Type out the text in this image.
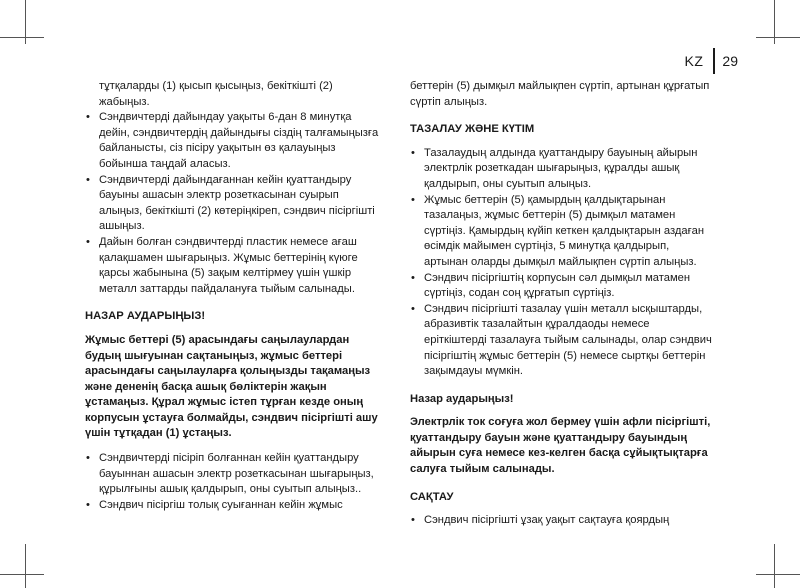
KZ 29

тұтқаларды (1) қысып қысыңыз, бекіткішті (2) жабыңыз.

• Сэндвичтерді дайындау уақыты 6-дан 8 минутқа дейін, сэндвичтердің дайындығы сіздің талғамыңызға байланысты, сіз пісіру уақытын өз қалауыңыз бойынша таңдай аласыз.
• Сэндвичтерді дайындағаннан кейін қуаттандыру бауыны ашасын электр розеткасынан суырып алыңыз, бекіткішті (2) көтеріңкіреп, сэндвич пісіргішті ашыңыз.
• Дайын болған сэндвичтерді пластик немесе ағаш қалақшамен шығарыңыз. Жұмыс беттерінің күюге қарсы жабынына (5) зақым келтірмеу үшін үшкір металл заттарды пайдалануға тыйым салынады.

НАЗАР АУДАРЫҢЫЗ!

Жұмыс беттері (5) арасындағы саңылаулардан будың шығуынан сақтаныңыз, жұмыс беттері арасындағы саңылауларға қолыңызды тақамаңыз және дененің басқа ашық бөліктерін жақын ұстамаңыз. Құрал жұмыс істеп тұрған кезде оның корпусын ұстауға болмайды, сэндвич пісіргішті ашу үшін тұтқадан (1) ұстаңыз.

• Сэндвичтерді пісіріп болғаннан кейін қуаттандыру бауыннан ашасын электр розеткасынан шығарыңыз, құрылғыны ашық қалдырып, оны суытып алыңыз..
• Сэндвич пісіргіш толық суығаннан кейін жұмыс

беттерін (5) дымқыл майлықпен сүртіп, артынан құрғатып сүртіп алыңыз.

ТАЗАЛАУ ЖӘНЕ КҮТІМ

• Тазалаудың алдында қуаттандыру бауының айырын электрлік розеткадан шығарыңыз, құралды ашық қалдырып, оны суытып алыңыз.
• Жұмыс беттерін (5) қамырдың қалдықтарынан тазалаңыз, жұмыс беттерін (5) дымқыл матамен сүртіңіз. Қамырдың күйіп кеткен қалдықтарын аздаған өсімдік майымен сүртіңіз, 5 минутқа қалдырып, артынан оларды дымқыл майлықпен сүртіп алыңыз.
• Сэндвич пісіргіштің корпусын сәл дымқыл матамен сүртіңіз, содан соң құрғатып сүртіңіз.
• Сэндвич пісіргішті тазалау үшін металл ысқыштарды, абразивтік тазалайтын құралдаоды немесе еріткіштерді тазалауға тыйым салынады, олар сэндвич пісіргіштің жұмыс беттерін (5) немесе сыртқы беттерін зақымдауы мүмкін.

Назар аударыңыз!

Электрлік ток соғуға жол бермеу үшін афли пісіргішті, қуаттандыру бауын және қуаттандыру бауындың айырын суға немесе кез-келген басқа сұйықтықтарға салуға тыйым салынады.

САҚТАУ

• Сэндвич пісіргішті ұзақ уақыт сақтауға қоярдың
